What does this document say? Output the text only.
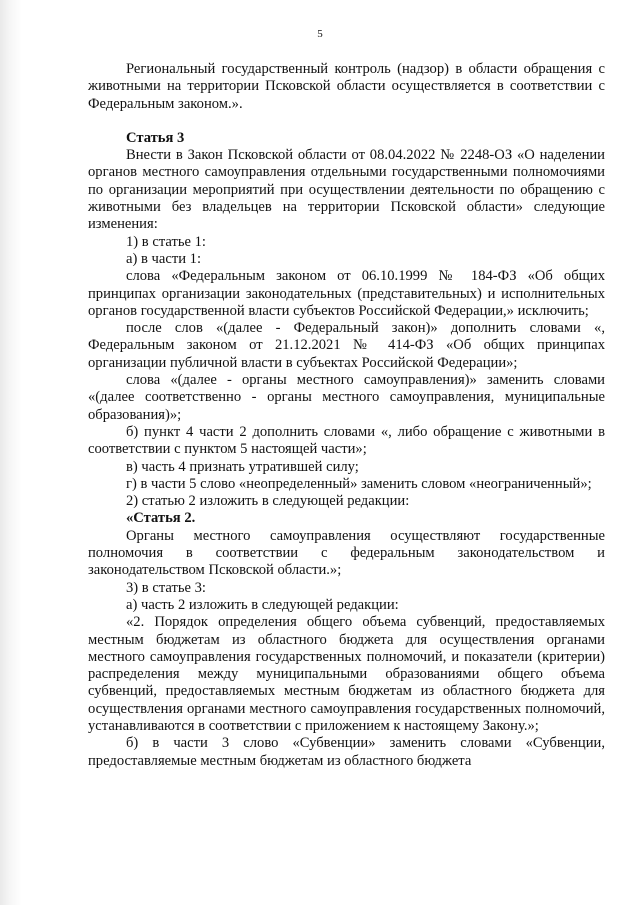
5

Региональный государственный контроль (надзор) в области обращения с животными на территории Псковской области осуществляется в соответствии с Федеральным законом.».

Статья 3

Внести в Закон Псковской области от 08.04.2022 № 2248-ОЗ «О наделении органов местного самоуправления отдельными государственными полномочиями по организации мероприятий при осуществлении деятельности по обращению с животными без владельцев на территории Псковской области» следующие изменения:

1) в статье 1:

а) в части 1:

слова «Федеральным законом от 06.10.1999 № 184-ФЗ «Об общих принципах организации законодательных (представительных) и исполнительных органов государственной власти субъектов Российской Федерации,» исключить;

после слов «(далее - Федеральный закон)» дополнить словами «, Федеральным законом от 21.12.2021 № 414-ФЗ «Об общих принципах организации публичной власти в субъектах Российской Федерации»;

слова «(далее - органы местного самоуправления)» заменить словами «(далее соответственно - органы местного самоуправления, муниципальные образования)»;

б) пункт 4 части 2 дополнить словами «, либо обращение с животными в соответствии с пунктом 5 настоящей части»;

в) часть 4 признать утратившей силу;

г) в части 5 слово «неопределенный» заменить словом «неограниченный»;

2) статью 2 изложить в следующей редакции:

«Статья 2.

Органы местного самоуправления осуществляют государственные полномочия в соответствии с федеральным законодательством и законодательством Псковской области.»;

3) в статье 3:

а) часть 2 изложить в следующей редакции:

«2. Порядок определения общего объема субвенций, предоставляемых местным бюджетам из областного бюджета для осуществления органами местного самоуправления государственных полномочий, и показатели (критерии) распределения между муниципальными образованиями общего объема субвенций, предоставляемых местным бюджетам из областного бюджета для осуществления органами местного самоуправления государственных полномочий, устанавливаются в соответствии с приложением к настоящему Закону.»;

б) в части 3 слово «Субвенции» заменить словами «Субвенции, предоставляемые местным бюджетам из областного бюджета
